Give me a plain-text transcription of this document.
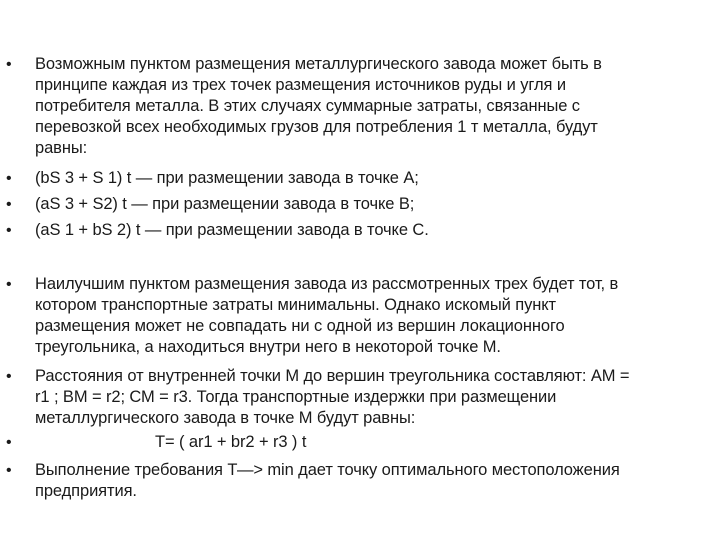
• Возможным пунктом размещения металлургического завода может быть в
принципе каждая из трех точек размещения источников руды и угля и
потребителя металла. В этих случаях суммарные затраты, связанные с
перевозкой всех необходимых грузов для потребления 1 т металла, будут
равны:
• (bS 3 + S 1) t — при размещении завода в точке А;
• (aS 3 + S2) t — при размещении завода в точке В;
• (aS 1 + bS 2) t — при размещении завода в точке С.
• Наилучшим пунктом размещения завода из рассмотренных трех будет тот, в
котором транспортные затраты минимальны. Однако искомый пункт
размещения может не совпадать ни с одной из вершин локационного
треугольника, а находиться внутри него в некоторой точке М.
• Расстояния от внутренней точки М до вершин треугольника составляют: AM =
r1 ; ВМ = r2; СМ = r3. Тогда транспортные издержки при размещении
металлургического завода в точке М будут равны:
•	T= ( ar1 + br2 + r3 ) t
• Выполнение требования Т—> min дает точку оптимального местоположения
предприятия.
